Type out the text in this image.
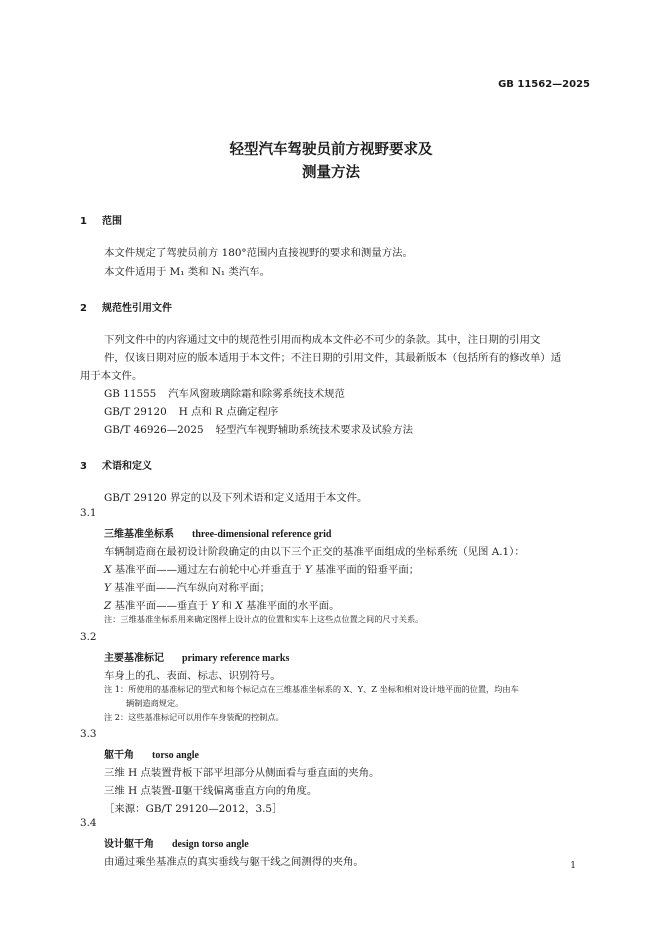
GB 11562—2025
轻型汽车驾驶员前方视野要求及
测量方法
1 范围
本文件规定了驾驶员前方 180°范围内直接视野的要求和测量方法。
本文件适用于 M₁ 类和 N₁ 类汽车。
2 规范性引用文件
下列文件中的内容通过文中的规范性引用而构成本文件必不可少的条款。其中，注日期的引用文
件，仅该日期对应的版本适用于本文件；不注日期的引用文件，其最新版本（包括所有的修改单）适
用于本文件。
GB 11555 汽车风窗玻璃除霜和除雾系统技术规范
GB/T 29120 H 点和 R 点确定程序
GB/T 46926—2025 轻型汽车视野辅助系统技术要求及试验方法
3 术语和定义
GB/T 29120 界定的以及下列术语和定义适用于本文件。
3.1
三维基准坐标系 three-dimensional reference grid
车辆制造商在最初设计阶段确定的由以下三个正交的基准平面组成的坐标系统（见图 A.1）：
X 基准平面——通过左右前轮中心并垂直于 Y 基准平面的铅垂平面；
Y 基准平面——汽车纵向对称平面；
Z 基准平面——垂直于 Y 和 X 基准平面的水平面。
注：三维基准坐标系用来确定图样上设计点的位置和实车上这些点位置之间的尺寸关系。
3.2
主要基准标记 primary reference marks
车身上的孔、表面、标志、识别符号。
注 1：所使用的基准标记的型式和每个标记点在三维基准坐标系的 X、Y、Z 坐标和相对设计地平面的位置，均由车
辆制造商规定。
注 2：这些基准标记可以用作车身装配的控制点。
3.3
躯干角 torso angle
三维 H 点装置背板下部平坦部分从侧面看与垂直面的夹角。
三维 H 点装置-Ⅱ躯干线偏离垂直方向的角度。
［来源：GB/T 29120—2012，3.5］
3.4
设计躯干角 design torso angle
由通过乘坐基准点的真实垂线与躯干线之间测得的夹角。	1
